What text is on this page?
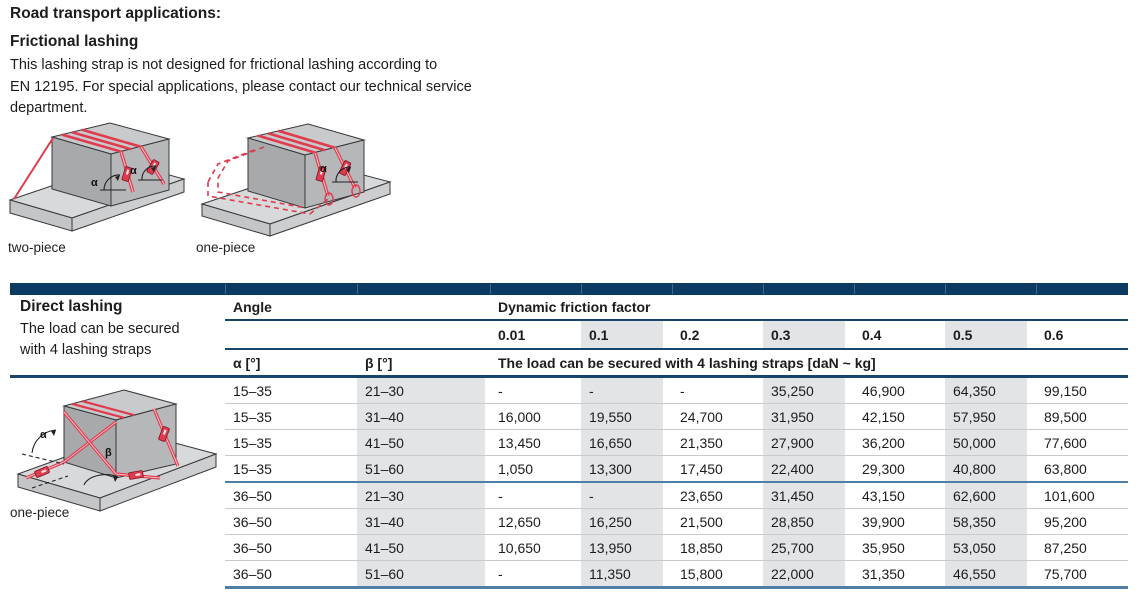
Road transport applications:
Frictional lashing
This lashing strap is not designed for frictional lashing according to
EN 12195. For special applications, please contact our technical service
department.
α
α
two-piece
α
one-piece
Direct lashing
The load can be secured
with 4 lashing straps
α
β
one-piece
Angle	Dynamic friction factor
0.01	0.1	0.2	0.3	0.4	0.5	0.6
α [°]	β [°]	The load can be secured with 4 lashing straps [daN ~ kg]
15–35	21–30	-	-	-	35,250	46,900	64,350	99,150
15–35	31–40	16,000	19,550	24,700	31,950	42,150	57,950	89,500
15–35	41–50	13,450	16,650	21,350	27,900	36,200	50,000	77,600
15–35	51–60	1,050	13,300	17,450	22,400	29,300	40,800	63,800
36–50	21–30	-	-	23,650	31,450	43,150	62,600	101,600
36–50	31–40	12,650	16,250	21,500	28,850	39,900	58,350	95,200
36–50	41–50	10,650	13,950	18,850	25,700	35,950	53,050	87,250
36–50	51–60	-	11,350	15,800	22,000	31,350	46,550	75,700
